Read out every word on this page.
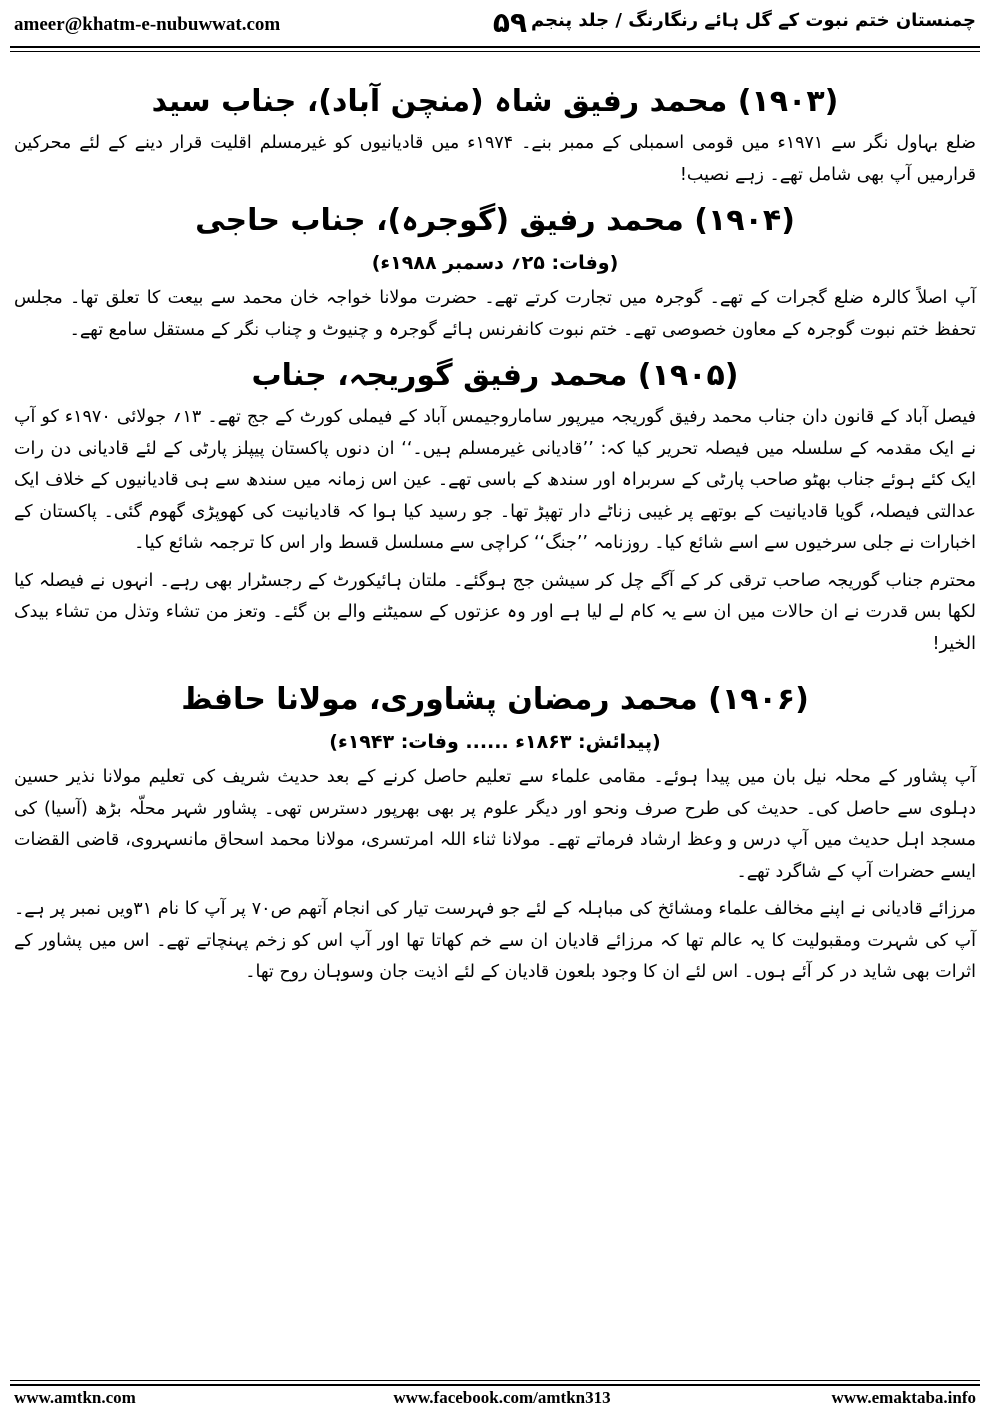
ameer@khatm-e-nubuwwat.com	۵۹ چمنستان ختم نبوت کے گل ہائے رنگارنگ / جلد پنجم
(۱۹۰۳) محمد رفیق شاہ (منچن آباد)، جناب سید

ضلع بہاول نگر سے ۱۹۷۱ء میں قومی اسمبلی کے ممبر بنے۔ ۱۹۷۴ء میں قادیانیوں کو غیرمسلم اقلیت قرار دینے کے لئے محرکین قرارمیں آپ بھی شامل تھے۔ زہے نصیب!

(۱۹۰۴) محمد رفیق (گوجرہ)، جناب حاجی
(وفات: ۲۵؍ دسمبر ۱۹۸۸ء)

آپ اصلاً کالرہ ضلع گجرات کے تھے۔ گوجرہ میں تجارت کرتے تھے۔ حضرت مولانا خواجہ خان محمد سے بیعت کا تعلق تھا۔ مجلس تحفظ ختم نبوت گوجرہ کے معاون خصوصی تھے۔ ختم نبوت کانفرنس ہائے گوجرہ و چنیوٹ و چناب نگر کے مستقل سامع تھے۔

(۱۹۰۵) محمد رفیق گوریجہ، جناب

فیصل آباد کے قانون دان جناب محمد رفیق گوریجہ میرپور ساماروجیمس آباد کے فیملی کورٹ کے جج تھے۔ ۱۳؍ جولائی ۱۹۷۰ء کو آپ نے ایک مقدمہ کے سلسلہ میں فیصلہ تحریر کیا کہ: ’’قادیانی غیرمسلم ہیں۔‘‘ ان دنوں پاکستان پیپلز پارٹی کے لئے قادیانی دن رات ایک کئے ہوئے جناب بھٹو صاحب پارٹی کے سربراہ اور سندھ کے باسی تھے۔ عین اس زمانہ میں سندھ سے ہی قادیانیوں کے خلاف ایک عدالتی فیصلہ، گویا قادیانیت کے بوتھے پر غیبی زناٹے دار تھپڑ تھا۔ جو رسید کیا ہوا کہ قادیانیت کی کھوپڑی گھوم گئی۔ پاکستان کے اخبارات نے جلی سرخیوں سے اسے شائع کیا۔ روزنامہ ’’جنگ‘‘ کراچی سے مسلسل قسط وار اس کا ترجمہ شائع کیا۔

محترم جناب گوریجہ صاحب ترقی کر کے آگے چل کر سیشن جج ہوگئے۔ ملتان ہائیکورٹ کے رجسٹرار بھی رہے۔ انہوں نے فیصلہ کیا لکھا بس قدرت نے ان حالات میں ان سے یہ کام لے لیا ہے اور وہ عزتوں کے سمیٹنے والے بن گئے۔ وتعز من تشاء وتذل من تشاء بیدک الخیر!

(۱۹۰۶) محمد رمضان پشاوری، مولانا حافظ
(پیدائش: ۱۸۶۳ء ...... وفات: ۱۹۴۳ء)

آپ پشاور کے محلہ نیل بان میں پیدا ہوئے۔ مقامی علماء سے تعلیم حاصل کرنے کے بعد حدیث شریف کی تعلیم مولانا نذیر حسین دہلوی سے حاصل کی۔ حدیث کی طرح صرف ونحو اور دیگر علوم پر بھی بھرپور دسترس تھی۔ پشاور شہر محلّہ بڑھ (آسیا) کی مسجد اہل حدیث میں آپ درس و وعظ ارشاد فرماتے تھے۔ مولانا ثناء اللہ امرتسری، مولانا محمد اسحاق مانسہروی، قاضی القضات ایسے حضرات آپ کے شاگرد تھے۔

مرزائے قادیانی نے اپنے مخالف علماء ومشائخ کی مباہلہ کے لئے جو فہرست تیار کی انجام آتھم ص۷۰ پر آپ کا نام ۳۱ویں نمبر پر ہے۔ آپ کی شہرت ومقبولیت کا یہ عالم تھا کہ مرزائے قادیان ان سے خم کھاتا تھا اور آپ اس کو زخم پہنچاتے تھے۔ اس میں پشاور کے اثرات بھی شاید در کر آئے ہوں۔ اس لئے ان کا وجود بلعون قادیان کے لئے اذیت جان وسوہان روح تھا۔

www.amtkn.com	www.facebook.com/amtkn313	www.emaktaba.info
